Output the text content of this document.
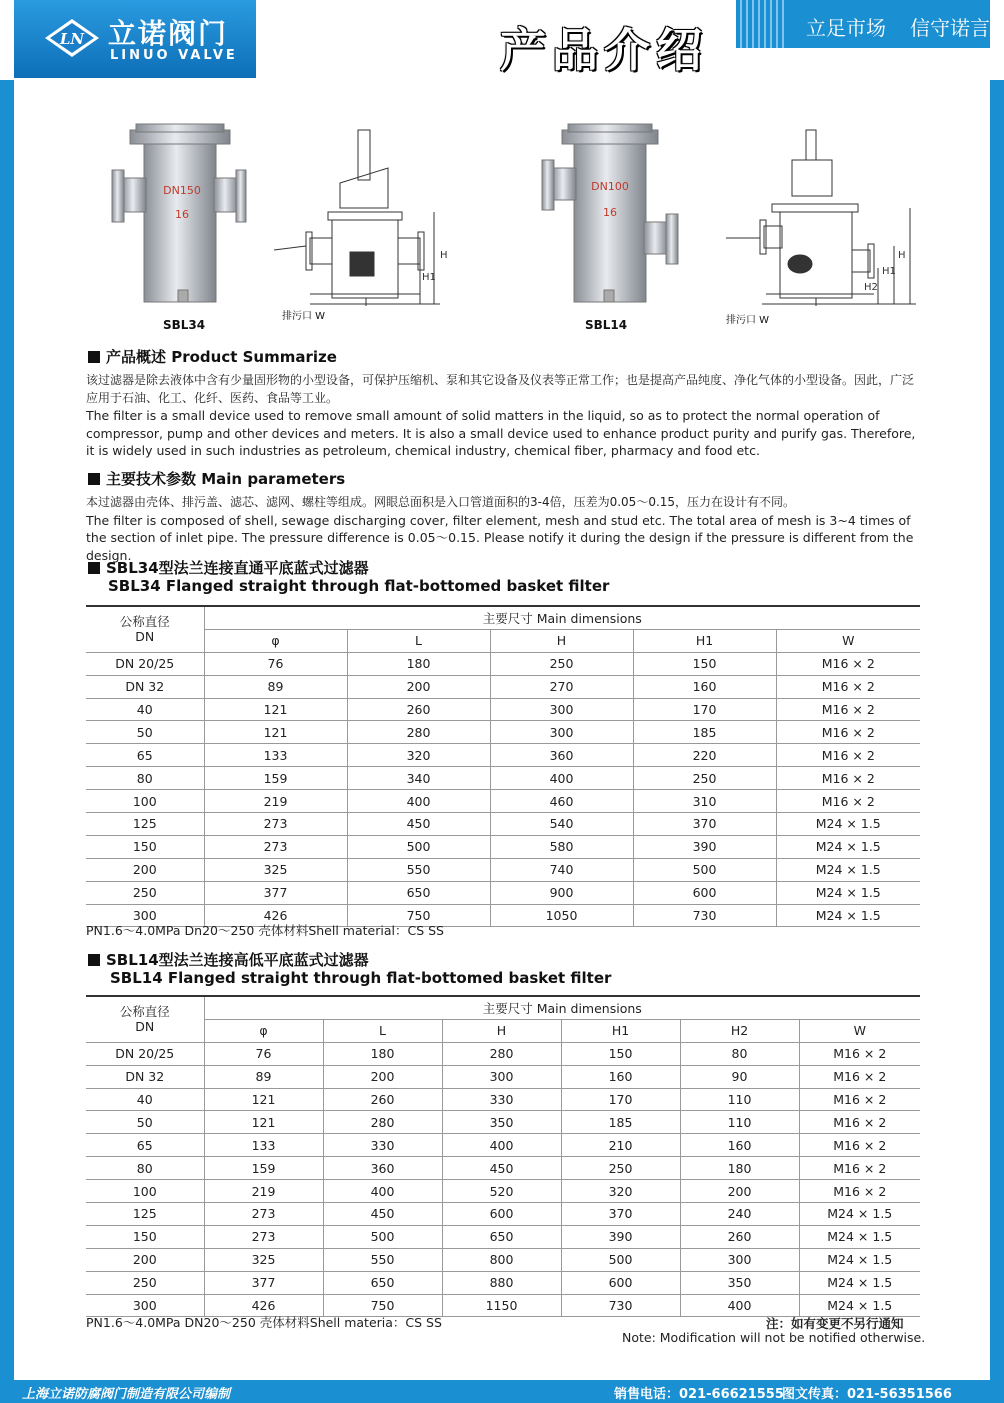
LN 立诺阀门
LINUO VALVE	产品介绍	立足市场 信守诺言
DN150
16
SBL34
H
H1
排污口 W
DN100
16
SBL14
H
H1
H2
排污口 W
产品概述 Product Summarize
该过滤器是除去液体中含有少量固形物的小型设备，可保护压缩机、泵和其它设备及仪表等正常工作；也是提高产品纯度、净化气体的小型设备。因此，广泛应用于石油、化工、化纤、医药、食品等工业。
The filter is a small device used to remove small amount of solid matters in the liquid, so as to protect the normal operation of compressor, pump and other devices and meters. It is also a small device used to enhance product purity and purify gas. Therefore, it is widely used in such industries as petroleum, chemical industry, chemical fiber, pharmacy and food etc.
主要技术参数 Main parameters
本过滤器由壳体、排污盖、滤芯、滤网、螺柱等组成。网眼总面积是入口管道面积的3-4倍，压差为0.05～0.15，压力在设计有不同。
The filter is composed of shell, sewage discharging cover, filter element, mesh and stud etc. The total area of mesh is 3~4 times of the section of inlet pipe. The pressure difference is 0.05～0.15. Please notify it during the design if the pressure is different from the design.
SBL34型法兰连接直通平底蓝式过滤器
SBL34 Flanged straight through flat-bottomed basket filter
公称直径
DN	主要尺寸 Main dimensions				
	φ	L	H	H1	W
DN 20/25	76	180	250	150	M16 × 2
DN 32	89	200	270	160	M16 × 2
40	121	260	300	170	M16 × 2
50	121	280	300	185	M16 × 2
65	133	320	360	220	M16 × 2
80	159	340	400	250	M16 × 2
100	219	400	460	310	M16 × 2
125	273	450	540	370	M24 × 1.5
150	273	500	580	390	M24 × 1.5
200	325	550	740	500	M24 × 1.5
250	377	650	900	600	M24 × 1.5
300	426	750	1050	730	M24 × 1.5
PN1.6～4.0MPa Dn20～250 壳体材料Shell material：CS SS
SBL14型法兰连接高低平底蓝式过滤器
SBL14 Flanged straight through flat-bottomed basket filter
公称直径
DN	主要尺寸 Main dimensions					
	φ	L	H	H1	H2	W
DN 20/25	76	180	280	150	80	M16 × 2
DN 32	89	200	300	160	90	M16 × 2
40	121	260	330	170	110	M16 × 2
50	121	280	350	185	110	M16 × 2
65	133	330	400	210	160	M16 × 2
80	159	360	450	250	180	M16 × 2
100	219	400	520	320	200	M16 × 2
125	273	450	600	370	240	M24 × 1.5
150	273	500	650	390	260	M24 × 1.5
200	325	550	800	500	300	M24 × 1.5
250	377	650	880	600	350	M24 × 1.5
300	426	750	1150	730	400	M24 × 1.5
PN1.6～4.0MPa DN20～250 壳体材料Shell materia：CS SS	注：如有变更不另行通知
Note: Modification will not be notified otherwise.
上海立诺防腐阀门制造有限公司编制	销售电话：021-66621555
图文传真：021-56351566
